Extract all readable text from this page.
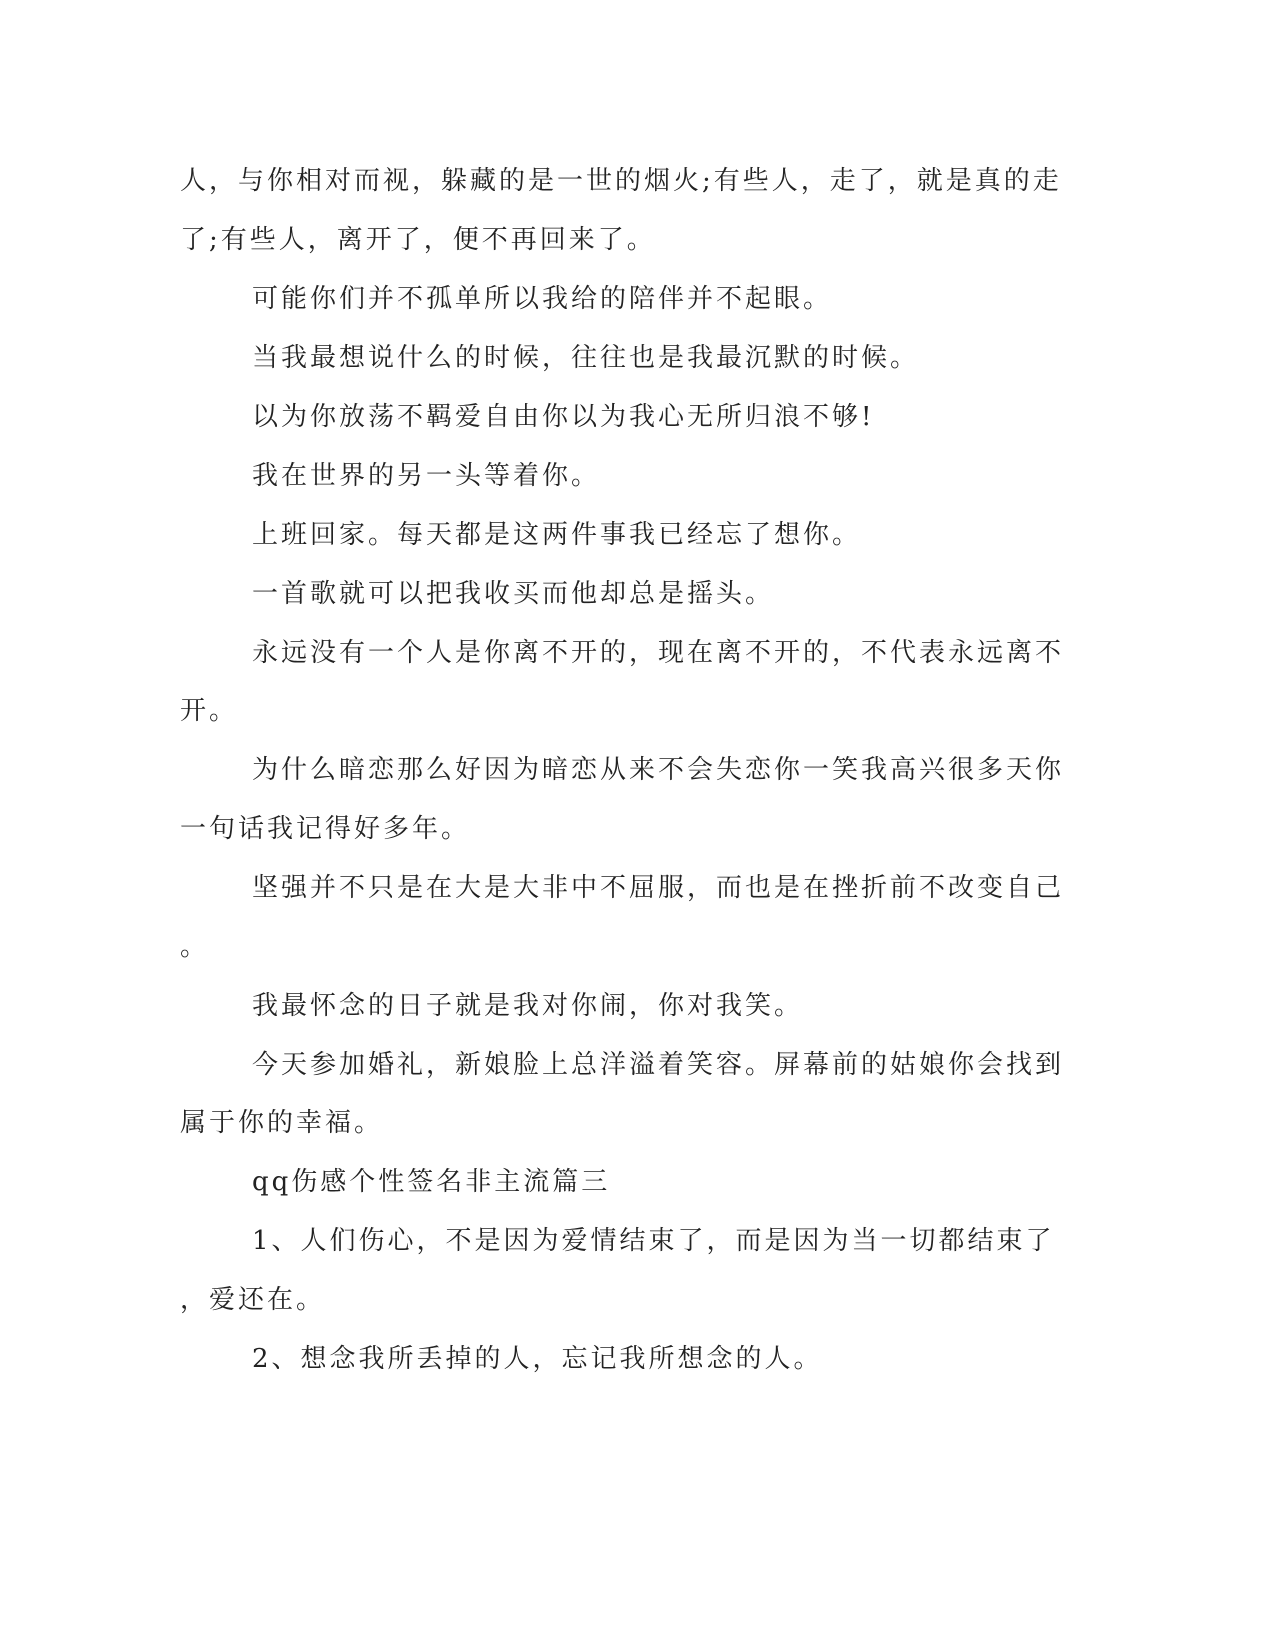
人，与你相对而视，躲藏的是一世的烟火;有些人，走了，就是真的走
了;有些人，离开了，便不再回来了。
可能你们并不孤单所以我给的陪伴并不起眼。
当我最想说什么的时候，往往也是我最沉默的时候。
以为你放荡不羁爱自由你以为我心无所归浪不够!
我在世界的另一头等着你。
上班回家。每天都是这两件事我已经忘了想你。
一首歌就可以把我收买而他却总是摇头。
永远没有一个人是你离不开的，现在离不开的，不代表永远离不
开。
为什么暗恋那么好因为暗恋从来不会失恋你一笑我高兴很多天你
一句话我记得好多年。
坚强并不只是在大是大非中不屈服，而也是在挫折前不改变自己
。
我最怀念的日子就是我对你闹，你对我笑。
今天参加婚礼，新娘脸上总洋溢着笑容。屏幕前的姑娘你会找到
属于你的幸福。
qq伤感个性签名非主流篇三
1、人们伤心，不是因为爱情结束了，而是因为当一切都结束了
，爱还在。
2、想念我所丢掉的人，忘记我所想念的人。
